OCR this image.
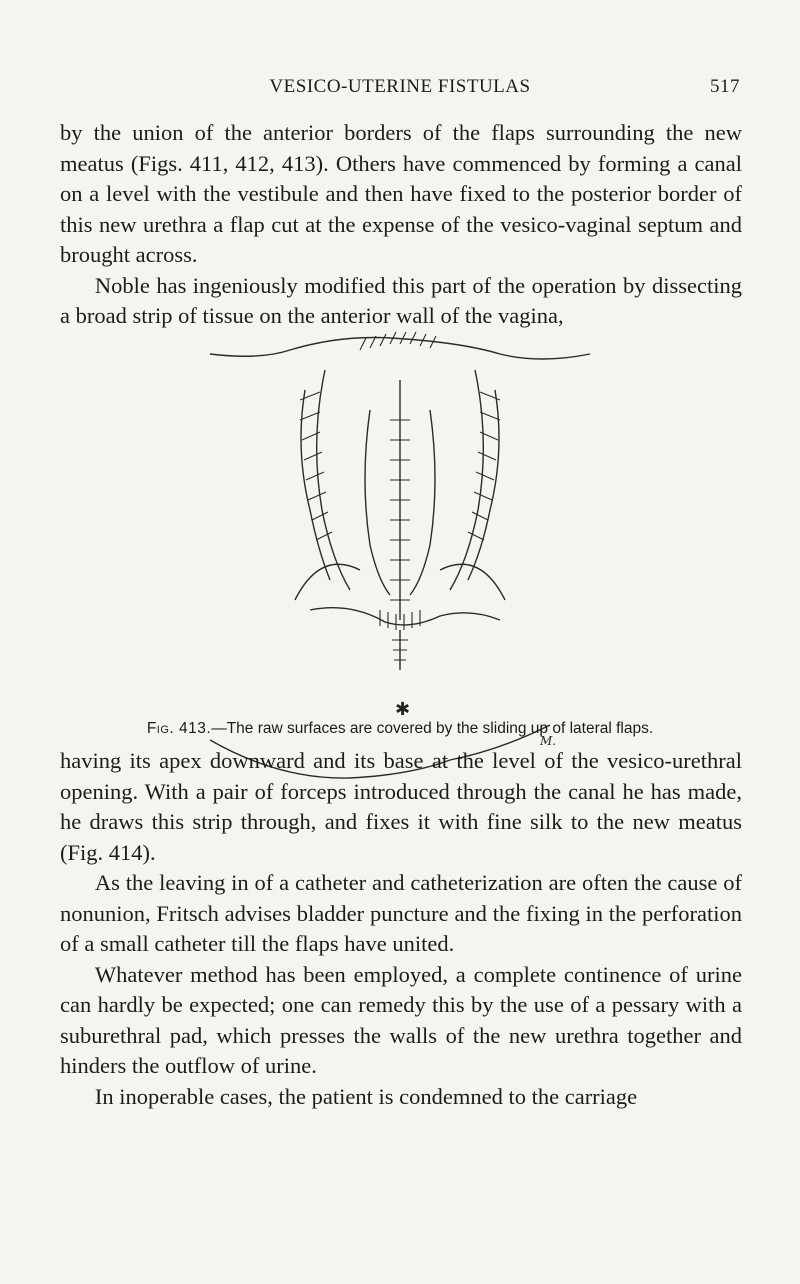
VESICO-UTERINE FISTULAS	517
by the union of the anterior borders of the flaps surrounding the new meatus (Figs. 411, 412, 413). Others have commenced by forming a canal on a level with the vestibule and then have fixed to the posterior border of this new urethra a flap cut at the expense of the vesico-vaginal septum and brought across.
Noble has ingeniously modified this part of the operation by dissecting a broad strip of tissue on the anterior wall of the vagina,
✱
M.
Fig. 413.—The raw surfaces are covered by the sliding up of lateral flaps.
having its apex downward and its base at the level of the vesico-urethral opening. With a pair of forceps introduced through the canal he has made, he draws this strip through, and fixes it with fine silk to the new meatus (Fig. 414).
As the leaving in of a catheter and catheterization are often the cause of nonunion, Fritsch advises bladder puncture and the fixing in the perforation of a small catheter till the flaps have united.
Whatever method has been employed, a complete continence of urine can hardly be expected; one can remedy this by the use of a pessary with a suburethral pad, which presses the walls of the new urethra together and hinders the outflow of urine.
In inoperable cases, the patient is condemned to the carriage
